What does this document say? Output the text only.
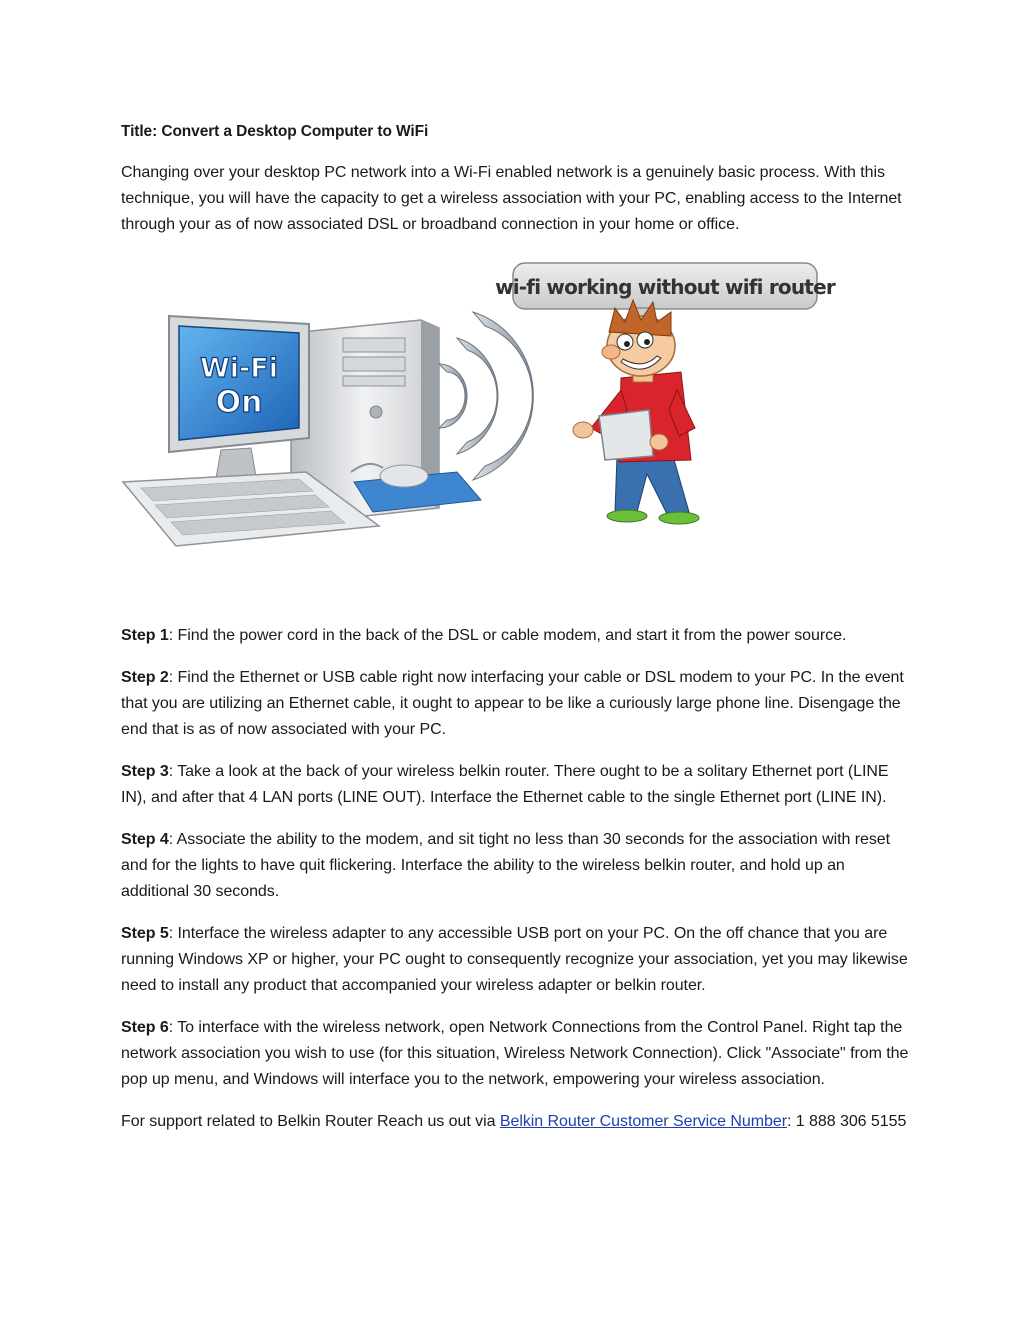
Title: Convert a Desktop Computer to WiFi

Changing over your desktop PC network into a Wi-Fi enabled network is a genuinely basic process. With this technique, you will have the capacity to get a wireless association with your PC, enabling access to the Internet through your as of now associated DSL or broadband connection in your home or office.

Wi-Fi
On
wi-fi working without wifi router

Step 1: Find the power cord in the back of the DSL or cable modem, and start it from the power source.

Step 2: Find the Ethernet or USB cable right now interfacing your cable or DSL modem to your PC. In the event that you are utilizing an Ethernet cable, it ought to appear to be like a curiously large phone line. Disengage the end that is as of now associated with your PC.

Step 3: Take a look at the back of your wireless belkin router. There ought to be a solitary Ethernet port (LINE IN), and after that 4 LAN ports (LINE OUT). Interface the Ethernet cable to the single Ethernet port (LINE IN).

Step 4: Associate the ability to the modem, and sit tight no less than 30 seconds for the association with reset and for the lights to have quit flickering. Interface the ability to the wireless belkin router, and hold up an additional 30 seconds.

Step 5: Interface the wireless adapter to any accessible USB port on your PC. On the off chance that you are running Windows XP or higher, your PC ought to consequently recognize your association, yet you may likewise need to install any product that accompanied your wireless adapter or belkin router.

Step 6: To interface with the wireless network, open Network Connections from the Control Panel. Right tap the network association you wish to use (for this situation, Wireless Network Connection). Click "Associate" from the pop up menu, and Windows will interface you to the network, empowering your wireless association.

For support related to Belkin Router Reach us out via Belkin Router Customer Service Number: 1 888 306 5155
